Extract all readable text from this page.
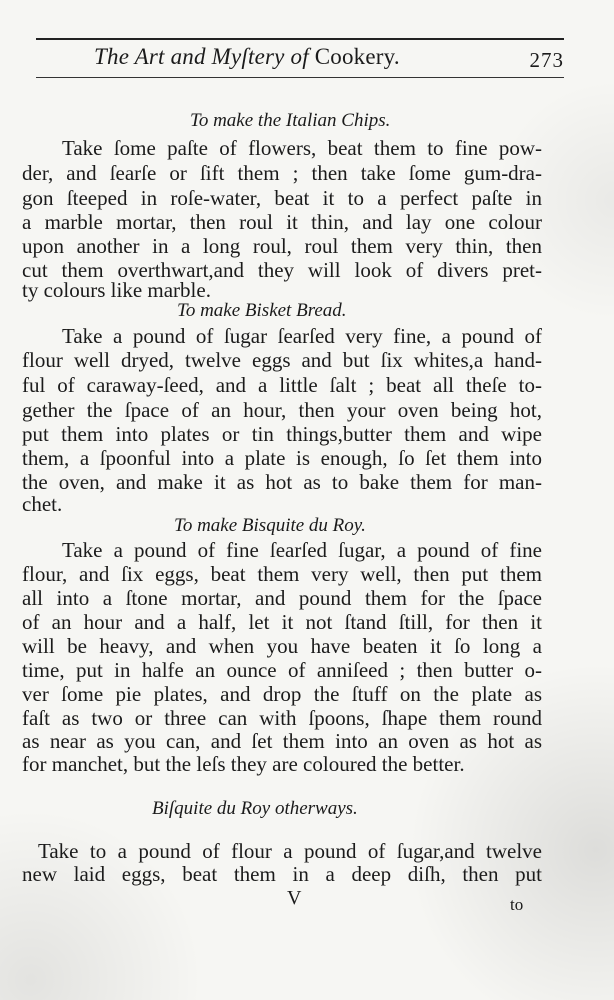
The Art and Myſtery of Cookery.	273
To make the Italian Chips.
Take ſome paſte of flowers, beat them to fine pow-
der, and ſearſe or ſift them ; then take ſome gum-dra-
gon ſteeped in roſe-water, beat it to a perfect paſte in
a marble mortar, then roul it thin, and lay one colour
upon another in a long roul, roul them very thin, then
cut them overthwart,and they will look of divers pret-
ty colours like marble.
To make Bisket Bread.
Take a pound of ſugar ſearſed very fine, a pound of
flour well dryed, twelve eggs and but ſix whites,a hand-
ful of caraway-ſeed, and a little ſalt ; beat all theſe to-
gether the ſpace of an hour, then your oven being hot,
put them into plates or tin things,butter them and wipe
them, a ſpoonful into a plate is enough, ſo ſet them into
the oven, and make it as hot as to bake them for man-
chet.
To make Bisquite du Roy.
Take a pound of fine ſearſed ſugar, a pound of fine
flour, and ſix eggs, beat them very well, then put them
all into a ſtone mortar, and pound them for the ſpace
of an hour and a half, let it not ſtand ſtill, for then it
will be heavy, and when you have beaten it ſo long a
time, put in halfe an ounce of anniſeed ; then butter o-
ver ſome pie plates, and drop the ſtuff on the plate as
faſt as two or three can with ſpoons, ſhape them round
as near as you can, and ſet them into an oven as hot as
for manchet, but the leſs they are coloured the better.
Biſquite du Roy otherways.
Take to a pound of flour a pound of ſugar,and twelve
new laid eggs, beat them in a deep diſh, then put
V	to
